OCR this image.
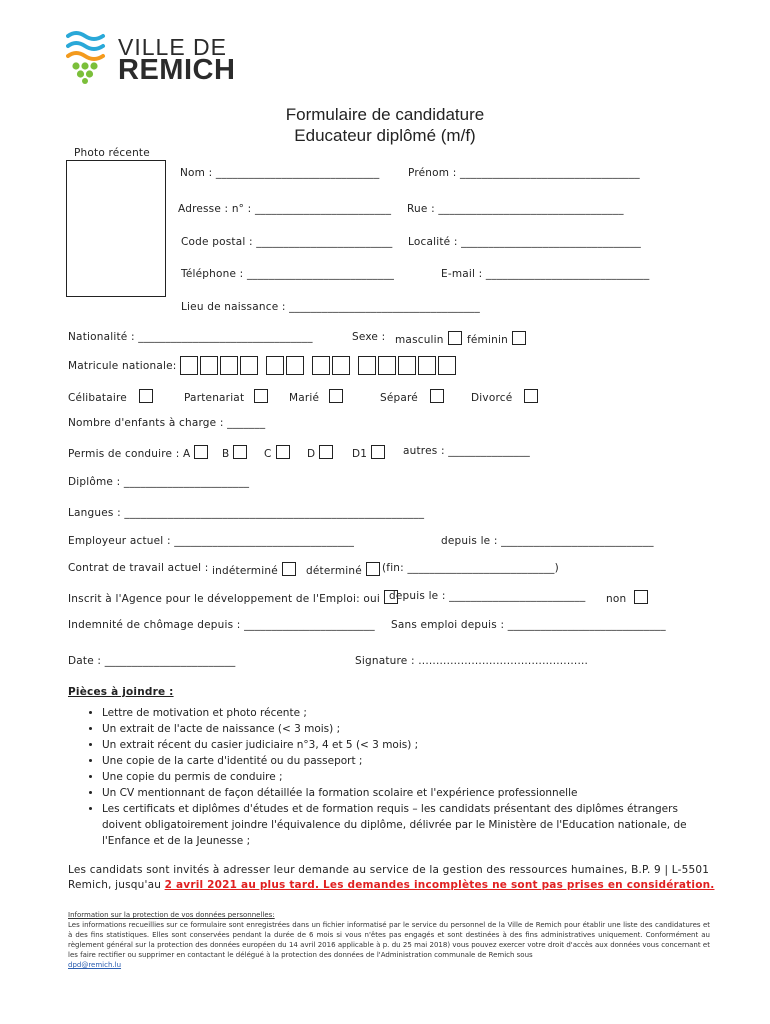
VILLE DE
REMICH
Formulaire de candidature
Educateur diplômé (m/f)
Photo récente
Nom : ______________________________	Prénom : _________________________________
Adresse : n° : _________________________ Rue : __________________________________
Code postal : _________________________ Localité : _________________________________
Téléphone : ___________________________	E-mail : ______________________________
Lieu de naissance : ___________________________________
Nationalité : ________________________________	Sexe : masculin	féminin
Matricule nationale:
Célibataire	Partenariat	Marié	Séparé	Divorcé
Nombre d'enfants à charge : _______
Permis de conduire : A	B	C	D	D1	autres : _______________
Diplôme : _______________________
Langues : _______________________________________________________
Employeur actuel : _________________________________	depuis le : ____________________________
Contrat de travail actuel : indéterminé	déterminé	(fin: ___________________________)
Inscrit à l'Agence pour le développement de l'Emploi: oui depuis le : _________________________ non
Indemnité de chômage depuis : ________________________ Sans emploi depuis : _____________________________
Date : ________________________	Signature : ................................................
Pièces à joindre :
• Lettre de motivation et photo récente ;
• Un extrait de l'acte de naissance (< 3 mois) ;
• Un extrait récent du casier judiciaire n°3, 4 et 5 (< 3 mois) ;
• Une copie de la carte d'identité ou du passeport ;
• Une copie du permis de conduire ;
• Un CV mentionnant de façon détaillée la formation scolaire et l'expérience professionnelle
• Les certificats et diplômes d'études et de formation requis – les candidats présentant des diplômes étrangers doivent obligatoirement joindre l'équivalence du diplôme, délivrée par le Ministère de l'Education nationale, de l'Enfance et de la Jeunesse ;
Les candidats sont invités à adresser leur demande au service de la gestion des ressources humaines, B.P. 9 | L-5501
Remich, jusqu'au 2 avril 2021 au plus tard. Les demandes incomplètes ne sont pas prises en considération.
Information sur la protection de vos données personnelles:
Les informations recueillies sur ce formulaire sont enregistrées dans un fichier informatisé par le service du personnel de la Ville de Remich pour établir une liste des candidatures et à des fins statistiques. Elles sont conservées pendant la durée de 6 mois si vous n'êtes pas engagés et sont destinées à des fins administratives uniquement. Conformément au règlement général sur la protection des données européen du 14 avril 2016 applicable à p. du 25 mai 2018) vous pouvez exercer votre droit d'accès aux données vous concernant et les faire rectifier ou supprimer en contactant le délégué à la protection des données de l'Administration communale de Remich sous
dpd@remich.lu
